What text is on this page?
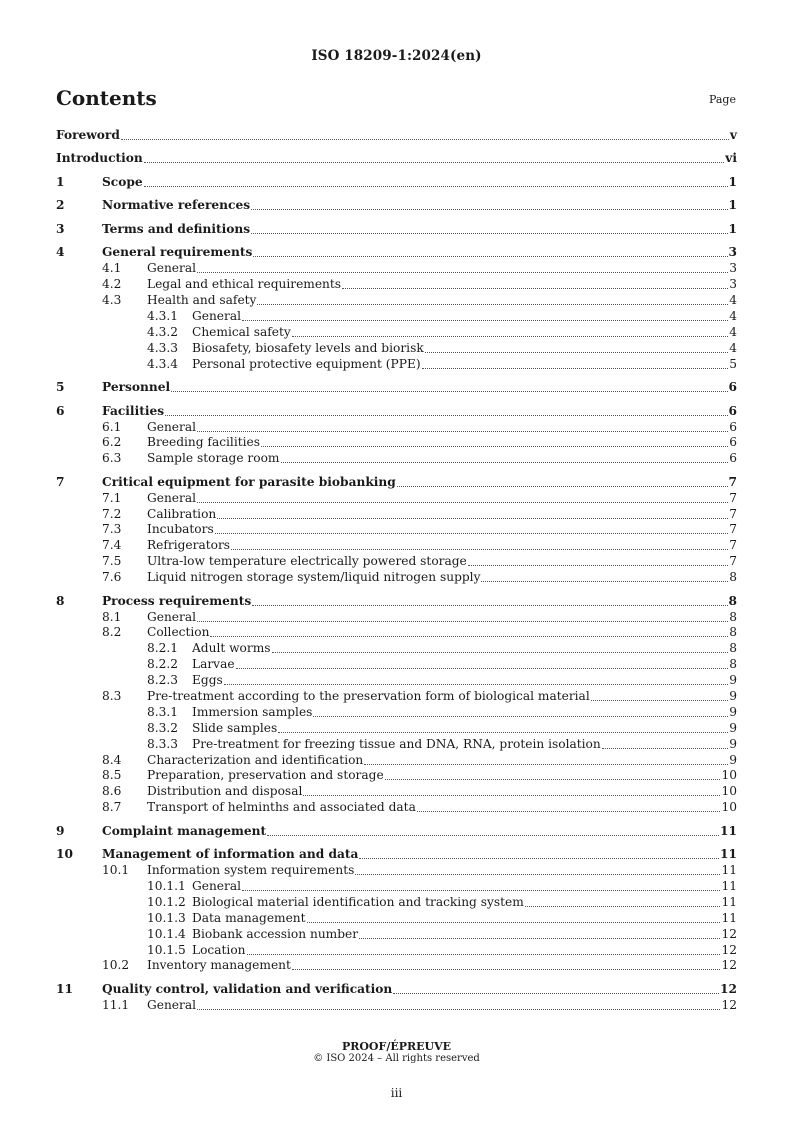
ISO 18209-1:2024(en)
Contents	Page
Foreword	v
Introduction	vi
1	Scope	1
2	Normative references	1
3	Terms and definitions	1
4	General requirements	3
4.1 General	3
4.2 Legal and ethical requirements	3
4.3 Health and safety	4
4.3.1 General	4
4.3.2 Chemical safety	4
4.3.3 Biosafety, biosafety levels and biorisk	4
4.3.4 Personal protective equipment (PPE)	5
5	Personnel	6
6	Facilities	6
6.1 General	6
6.2 Breeding facilities	6
6.3 Sample storage room	6
7	Critical equipment for parasite biobanking	7
7.1 General	7
7.2 Calibration	7
7.3 Incubators	7
7.4 Refrigerators	7
7.5 Ultra-low temperature electrically powered storage	7
7.6 Liquid nitrogen storage system/liquid nitrogen supply	8
8	Process requirements	8
8.1 General	8
8.2 Collection	8
8.2.1 Adult worms	8
8.2.2 Larvae	8
8.2.3 Eggs	9
8.3 Pre-treatment according to the preservation form of biological material	9
8.3.1 Immersion samples	9
8.3.2 Slide samples	9
8.3.3 Pre-treatment for freezing tissue and DNA, RNA, protein isolation	9
8.4 Characterization and identification	9
8.5 Preparation, preservation and storage	10
8.6 Distribution and disposal	10
8.7 Transport of helminths and associated data	10
9	Complaint management	11
10 Management of information and data	11
10.1 Information system requirements	11
10.1.1 General	11
10.1.2 Biological material identification and tracking system	11
10.1.3 Data management	11
10.1.4 Biobank accession number	12
10.1.5 Location	12
10.2 Inventory management	12
11 Quality control, validation and verification	12
11.1 General	12
PROOF/ÉPREUVE
© ISO 2024 – All rights reserved
iii
